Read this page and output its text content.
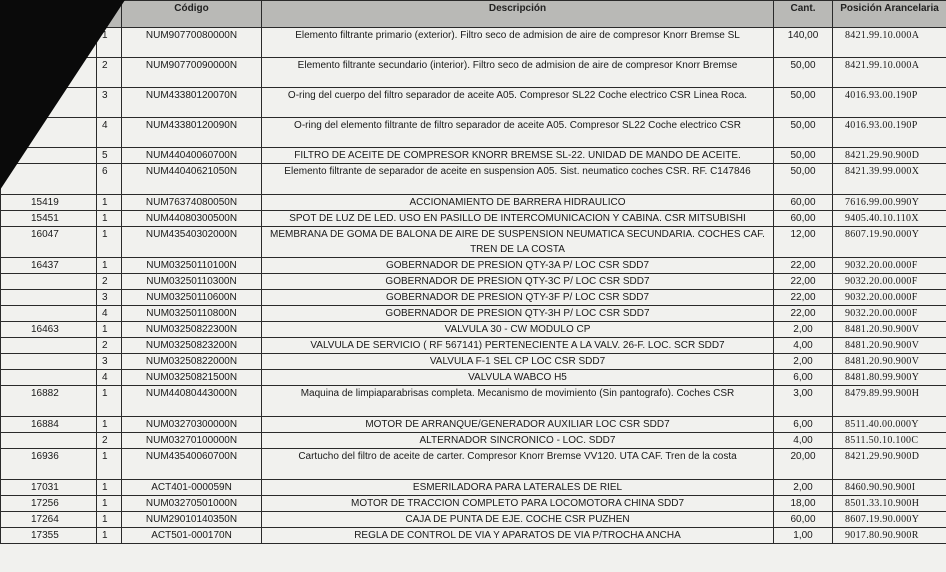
		Código	Descripción	Cant.	Posición Arancelaria
	1	NUM90770080000N	Elemento filtrante primario (exterior). Filtro seco de admision de aire de compresor Knorr Bremse SL	140,00	8421.99.10.000A
	2	NUM90770090000N	Elemento filtrante secundario (interior). Filtro seco de admision de aire de compresor Knorr Bremse	50,00	8421.99.10.000A
	3	NUM43380120070N	O-ring del cuerpo del filtro separador de aceite A05. Compresor SL22 Coche electrico CSR Linea Roca.	50,00	4016.93.00.190P
	4	NUM43380120090N	O-ring del elemento filtrante de filtro separador de aceite A05. Compresor SL22 Coche electrico CSR	50,00	4016.93.00.190P
	5	NUM44040060700N	FILTRO DE ACEITE DE COMPRESOR KNORR BREMSE SL-22. UNIDAD DE MANDO DE ACEITE.	50,00	8421.29.90.900D
	6	NUM44040621050N	Elemento filtrante de separador de aceite en suspension A05. Sist. neumatico coches CSR. RF. C147846	50,00	8421.39.99.000X
15419	1	NUM76374080050N	ACCIONAMIENTO DE BARRERA HIDRAULICO	60,00	7616.99.00.990Y
15451	1	NUM44080300500N	SPOT DE LUZ DE LED. USO EN PASILLO DE INTERCOMUNICACION Y CABINA. CSR MITSUBISHI	60,00	9405.40.10.110X
16047	1	NUM43540302000N	MEMBRANA DE GOMA DE BALONA DE AIRE DE SUSPENSION NEUMATICA SECUNDARIA. COCHES CAF. TREN DE LA COSTA	12,00	8607.19.90.000Y
16437	1	NUM03250110100N	GOBERNADOR DE PRESION QTY-3A P/ LOC CSR SDD7	22,00	9032.20.00.000F
	2	NUM03250110300N	GOBERNADOR DE PRESION QTY-3C P/ LOC CSR SDD7	22,00	9032.20.00.000F
	3	NUM03250110600N	GOBERNADOR DE PRESION QTY-3F P/ LOC CSR SDD7	22,00	9032.20.00.000F
	4	NUM03250110800N	GOBERNADOR DE PRESION QTY-3H P/ LOC CSR SDD7	22,00	9032.20.00.000F
16463	1	NUM03250822300N	VALVULA 30 - CW MODULO CP	2,00	8481.20.90.900V
	2	NUM03250823200N	VALVULA DE SERVICIO ( RF 567141) PERTENECIENTE A LA VALV. 26-F. LOC. SCR SDD7	4,00	8481.20.90.900V
	3	NUM03250822000N	VALVULA F-1 SEL CP LOC CSR SDD7	2,00	8481.20.90.900V
	4	NUM03250821500N	VALVULA WABCO H5	6,00	8481.80.99.900Y
16882	1	NUM44080443000N	Maquina de limpiaparabrisas completa. Mecanismo de movimiento (Sin pantografo). Coches CSR	3,00	8479.89.99.900H
16884	1	NUM03270300000N	MOTOR DE ARRANQUE/GENERADOR AUXILIAR LOC CSR SDD7	6,00	8511.40.00.000Y
	2	NUM03270100000N	ALTERNADOR SINCRONICO - LOC. SDD7	4,00	8511.50.10.100C
16936	1	NUM43540060700N	Cartucho del filtro de aceite de carter. Compresor Knorr Bremse VV120. UTA CAF. Tren de la costa	20,00	8421.29.90.900D
17031	1	ACT401-000059N	ESMERILADORA PARA LATERALES DE RIEL	2,00	8460.90.90.900I
17256	1	NUM03270501000N	MOTOR DE TRACCION COMPLETO PARA LOCOMOTORA CHINA SDD7	18,00	8501.33.10.900H
17264	1	NUM29010140350N	CAJA DE PUNTA DE EJE. COCHE CSR PUZHEN	60,00	8607.19.90.000Y
17355	1	ACT501-000170N	REGLA DE CONTROL DE VIA Y APARATOS DE VIA P/TROCHA ANCHA	1,00	9017.80.90.900R
